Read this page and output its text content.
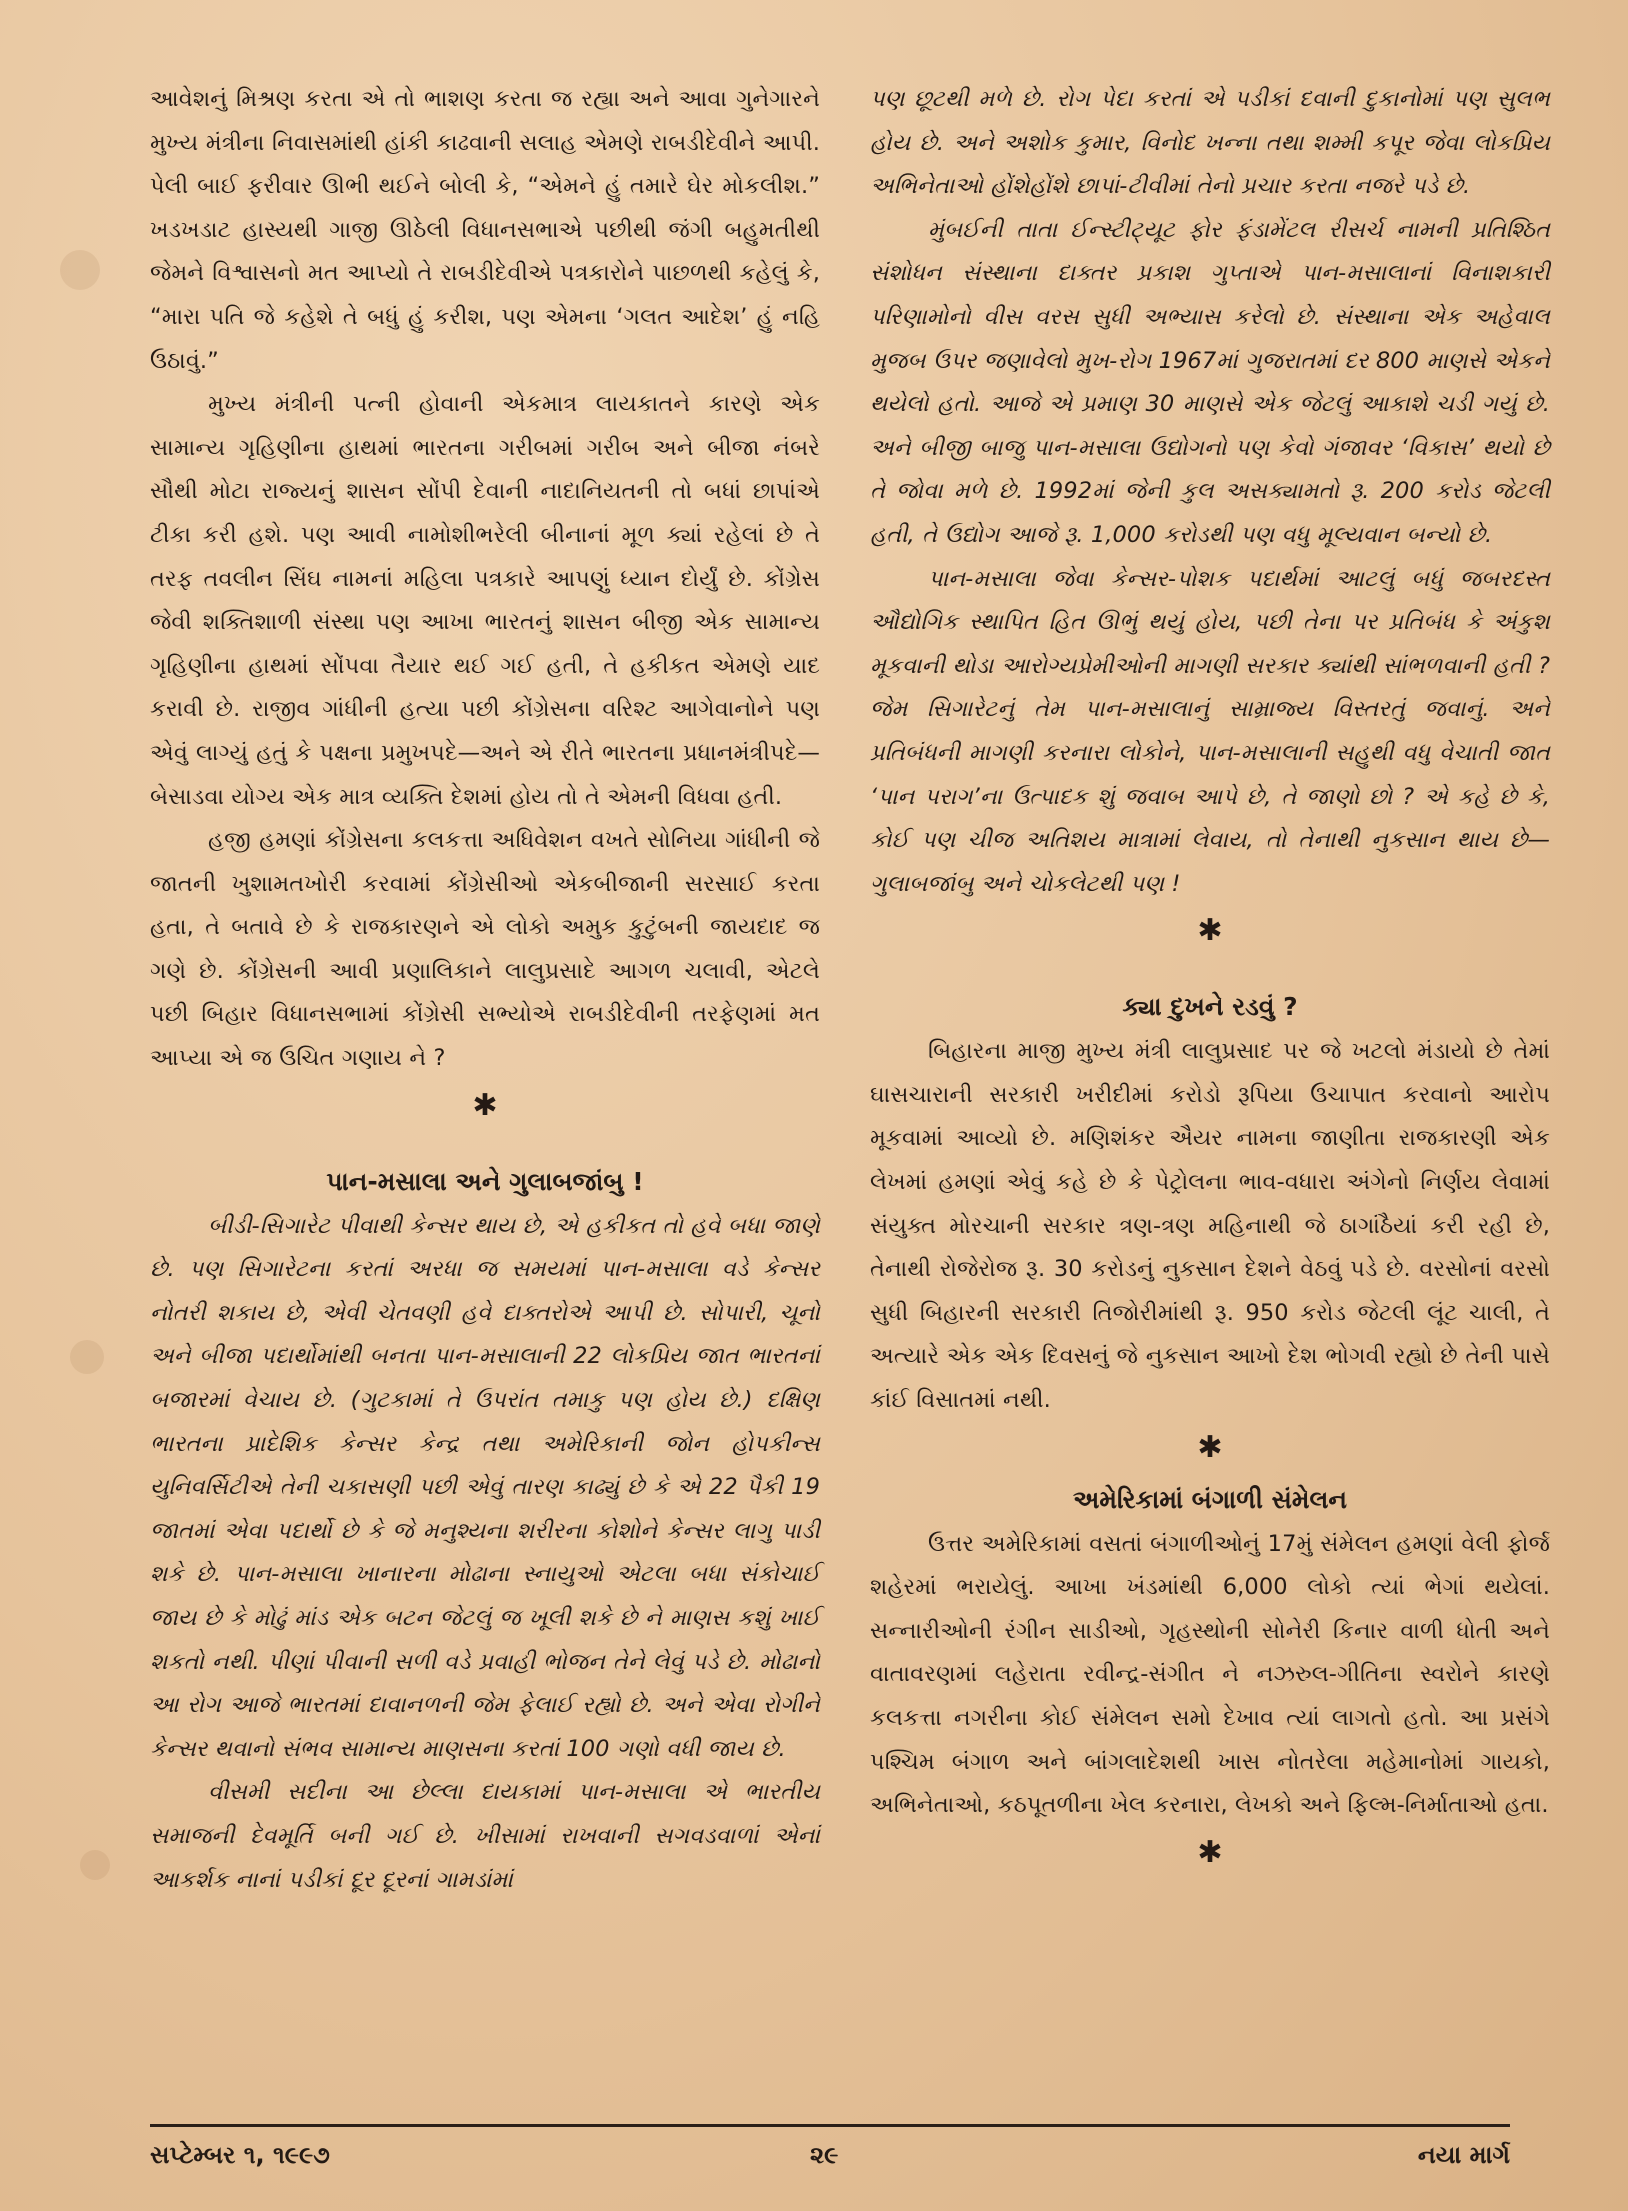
આવેશનું મિશ્રણ કરતા એ તો ભાશણ કરતા જ રહ્યા અને આવા ગુનેગારને મુખ્ય મંત્રીના નિવાસમાંથી હાંકી કાઢવાની સલાહ એમણે રાબડીદેવીને આપી. પેલી બાઈ ફરીવાર ઊભી થઈને બોલી કે, “એમને હું તમારે ઘેર મોકલીશ.” ખડખડાટ હાસ્યથી ગાજી ઊઠેલી વિધાનસભાએ પછીથી જંગી બહુમતીથી જેમને વિશ્વાસનો મત આપ્યો તે રાબડીદેવીએ પત્રકારોને પાછળથી કહેલું કે, “મારા પતિ જે કહેશે તે બધું હું કરીશ, પણ એમના ‘ગલત આદેશ’ હું નહિ ઉઠાવું.”

મુખ્ય મંત્રીની પત્ની હોવાની એકમાત્ર લાયકાતને કારણે એક સામાન્ય ગૃહિણીના હાથમાં ભારતના ગરીબમાં ગરીબ અને બીજા નંબરે સૌથી મોટા રાજ્યનું શાસન સોંપી દેવાની નાદાનિયતની તો બધાં છાપાંએ ટીકા કરી હશે. પણ આવી નામોશીભરેલી બીનાનાં મૂળ ક્યાં રહેલાં છે તે તરફ તવલીન સિંઘ નામનાં મહિલા પત્રકારે આપણું ધ્યાન દોર્યું છે. કોંગ્રેસ જેવી શક્તિશાળી સંસ્થા પણ આખા ભારતનું શાસન બીજી એક સામાન્ય ગૃહિણીના હાથમાં સોંપવા તૈયાર થઈ ગઈ હતી, તે હકીકત એમણે યાદ કરાવી છે. રાજીવ ગાંધીની હત્યા પછી કોંગ્રેસના વરિશ્ટ આગેવાનોને પણ એવું લાગ્યું હતું કે પક્ષના પ્રમુખપદે—અને એ રીતે ભારતના પ્રધાનમંત્રીપદે—બેસાડવા યોગ્ય એક માત્ર વ્યક્તિ દેશમાં હોય તો તે એમની વિધવા હતી.

હજી હમણાં કોંગ્રેસના કલકત્તા અધિવેશન વખતે સોનિયા ગાંધીની જે જાતની ખુશામતખોરી કરવામાં કોંગ્રેસીઓ એકબીજાની સરસાઈ કરતા હતા, તે બતાવે છે કે રાજકારણને એ લોકો અમુક કુટુંબની જાયદાદ જ ગણે છે. કોંગ્રેસની આવી પ્રણાલિકાને લાલુપ્રસાદે આગળ ચલાવી, એટલે પછી બિહાર વિધાનસભામાં કોંગ્રેસી સભ્યોએ રાબડીદેવીની તરફેણમાં મત આપ્યા એ જ ઉચિત ગણાય ને ?

✱
પાન-મસાલા અને ગુલાબજાંબુ !

બીડી-સિગારેટ પીવાથી કેન્સર થાય છે, એ હકીકત તો હવે બધા જાણે છે. પણ સિગારેટના કરતાં અરધા જ સમયમાં પાન-મસાલા વડે કેન્સર નોતરી શકાય છે, એવી ચેતવણી હવે દાક્તરોએ આપી છે. સોપારી, ચૂનો અને બીજા પદાર્થોમાંથી બનતા પાન-મસાલાની 22 લોકપ્રિય જાત ભારતનાં બજારમાં વેચાય છે. (ગુટકામાં તે ઉપરાંત તમાકુ પણ હોય છે.) દક્ષિણ ભારતના પ્રાદેશિક કેન્સર કેન્દ્ર તથા અમેરિકાની જોન હોપકીન્સ યુનિવર્સિટીએ તેની ચકાસણી પછી એવું તારણ કાઢ્યું છે કે એ 22 પૈકી 19 જાતમાં એવા પદાર્થો છે કે જે મનુશ્યના શરીરના કોશોને કેન્સર લાગુ પાડી શકે છે. પાન-મસાલા ખાનારના મોઢાના સ્નાયુઓ એટલા બધા સંકોચાઈ જાય છે કે મોઢું માંડ એક બટન જેટલું જ ખૂલી શકે છે ને માણસ કશું ખાઈ શકતો નથી. પીણાં પીવાની સળી વડે પ્રવાહી ભોજન તેને લેવું પડે છે. મોઢાનો આ રોગ આજે ભારતમાં દાવાનળની જેમ ફેલાઈ રહ્યો છે. અને એવા રોગીને કેન્સર થવાનો સંભવ સામાન્ય માણસના કરતાં 100 ગણો વધી જાય છે.

વીસમી સદીના આ છેલ્લા દાયકામાં પાન-મસાલા એ ભારતીય સમાજની દેવમૂર્તિ બની ગઈ છે. ખીસામાં રાખવાની સગવડવાળાં એનાં આકર્શક નાનાં પડીકાં દૂર દૂરનાં ગામડાંમાં

પણ છૂટથી મળે છે. રોગ પેદા કરતાં એ પડીકાં દવાની દુકાનોમાં પણ સુલભ હોય છે. અને અશોક કુમાર, વિનોદ ખન્ના તથા શમ્મી કપૂર જેવા લોકપ્રિય અભિનેતાઓ હોંશેહોંશે છાપાં-ટીવીમાં તેનો પ્રચાર કરતા નજરે પડે છે.

મુંબઈની તાતા ઈન્સ્ટીટ્યૂટ ફોર ફંડામેંટલ રીસર્ચ નામની પ્રતિશ્ઠિત સંશોધન સંસ્થાના દાક્તર પ્રકાશ ગુપ્તાએ પાન-મસાલાનાં વિનાશકારી પરિણામોનો વીસ વરસ સુધી અભ્યાસ કરેલો છે. સંસ્થાના એક અહેવાલ મુજબ ઉપર જણાવેલો મુખ-રોગ 1967માં ગુજરાતમાં દર 800 માણસે એકને થયેલો હતો. આજે એ પ્રમાણ 30 માણસે એક જેટલું આકાશે ચડી ગયું છે. અને બીજી બાજુ પાન-મસાલા ઉદ્યોગનો પણ કેવો ગંજાવર ‘વિકાસ’ થયો છે તે જોવા મળે છે. 1992માં જેની કુલ અસક્યામતો રૂ. 200 કરોડ જેટલી હતી, તે ઉદ્યોગ આજે રૂ. 1,000 કરોડથી પણ વધુ મૂલ્યવાન બન્યો છે.

પાન-મસાલા જેવા કેન્સર-પોશક પદાર્થમાં આટલું બધું જબરદસ્ત ઔદ્યોગિક સ્થાપિત હિત ઊભું થયું હોય, પછી તેના પર પ્રતિબંધ કે અંકુશ મૂકવાની થોડા આરોગ્યપ્રેમીઓની માગણી સરકાર ક્યાંથી સાંભળવાની હતી ? જેમ સિગારેટનું તેમ પાન-મસાલાનું સામ્રાજ્ય વિસ્તરતું જવાનું. અને પ્રતિબંધની માગણી કરનારા લોકોને, પાન-મસાલાની સહુથી વધુ વેચાતી જાત ‘પાન પરાગ’ના ઉત્પાદક શું જવાબ આપે છે, તે જાણો છો ? એ કહે છે કે, કોઈ પણ ચીજ અતિશય માત્રામાં લેવાય, તો તેનાથી નુકસાન થાય છે—ગુલાબજાંબુ અને ચોકલેટથી પણ !

✱
ક્યા દુખને રડવું ?

બિહારના માજી મુખ્ય મંત્રી લાલુપ્રસાદ પર જે ખટલો મંડાયો છે તેમાં ઘાસચારાની સરકારી ખરીદીમાં કરોડો રૂપિયા ઉચાપાત કરવાનો આરોપ મૂકવામાં આવ્યો છે. મણિશંકર ઐયર નામના જાણીતા રાજકારણી એક લેખમાં હમણાં એવું કહે છે કે પેટ્રોલના ભાવ-વધારા અંગેનો નિર્ણય લેવામાં સંયુક્ત મોરચાની સરકાર ત્રણ-ત્રણ મહિનાથી જે ઠાગાંઠૈયાં કરી રહી છે, તેનાથી રોજેરોજ રૂ. 30 કરોડનું નુકસાન દેશને વેઠવું પડે છે. વરસોનાં વરસો સુધી બિહારની સરકારી તિજોરીમાંથી રૂ. 950 કરોડ જેટલી લૂંટ ચાલી, તે અત્યારે એક એક દિવસનું જે નુકસાન આખો દેશ ભોગવી રહ્યો છે તેની પાસે કાંઈ વિસાતમાં નથી.

✱
અમેરિકામાં બંગાળી સંમેલન

ઉત્તર અમેરિકામાં વસતાં બંગાળીઓનું 17મું સંમેલન હમણાં વેલી ફોર્જ શહેરમાં ભરાયેલું. આખા ખંડમાંથી 6,000 લોકો ત્યાં ભેગાં થયેલાં. સન્નારીઓની રંગીન સાડીઓ, ગૃહસ્થોની સોનેરી કિનાર વાળી ધોતી અને વાતાવરણમાં લહેરાતા રવીન્દ્ર-સંગીત ને નઝરુલ-ગીતિના સ્વરોને કારણે કલકત્તા નગરીના કોઈ સંમેલન સમો દેખાવ ત્યાં લાગતો હતો. આ પ્રસંગે પશ્ચિમ બંગાળ અને બાંગલાદેશથી ખાસ નોતરેલા મહેમાનોમાં ગાયકો, અભિનેતાઓ, કઠપૂતળીના ખેલ કરનારા, લેખકો અને ફિલ્મ-નિર્માતાઓ હતા.

✱
સપ્ટેમ્બર ૧, ૧૯૯૭	૨૯	નયા માર્ગ
